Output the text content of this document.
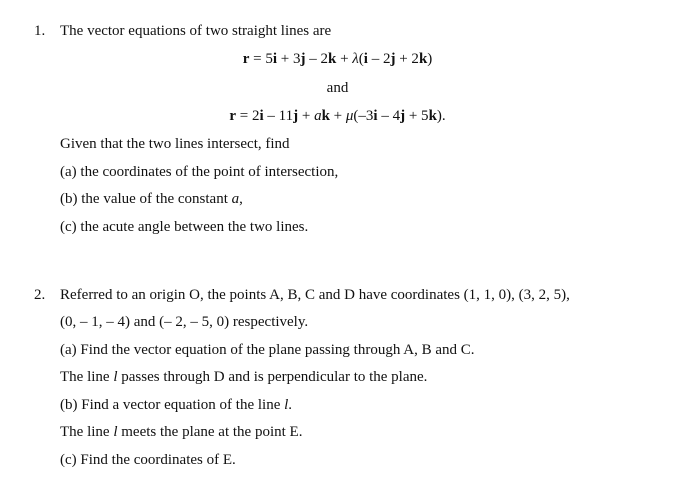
1. The vector equations of two straight lines are
r = 5i + 3j – 2k + λ(i – 2j + 2k)
and
r = 2i – 11j + ak + μ(–3i – 4j + 5k).
Given that the two lines intersect, find
(a) the coordinates of the point of intersection,
(b) the value of the constant a,
(c) the acute angle between the two lines.
2. Referred to an origin O, the points A, B, C and D have coordinates (1, 1, 0), (3, 2, 5),
(0, – 1, – 4) and (– 2, – 5, 0) respectively.
(a) Find the vector equation of the plane passing through A, B and C.
The line l passes through D and is perpendicular to the plane.
(b) Find a vector equation of the line l.
The line l meets the plane at the point E.
(c) Find the coordinates of E.
